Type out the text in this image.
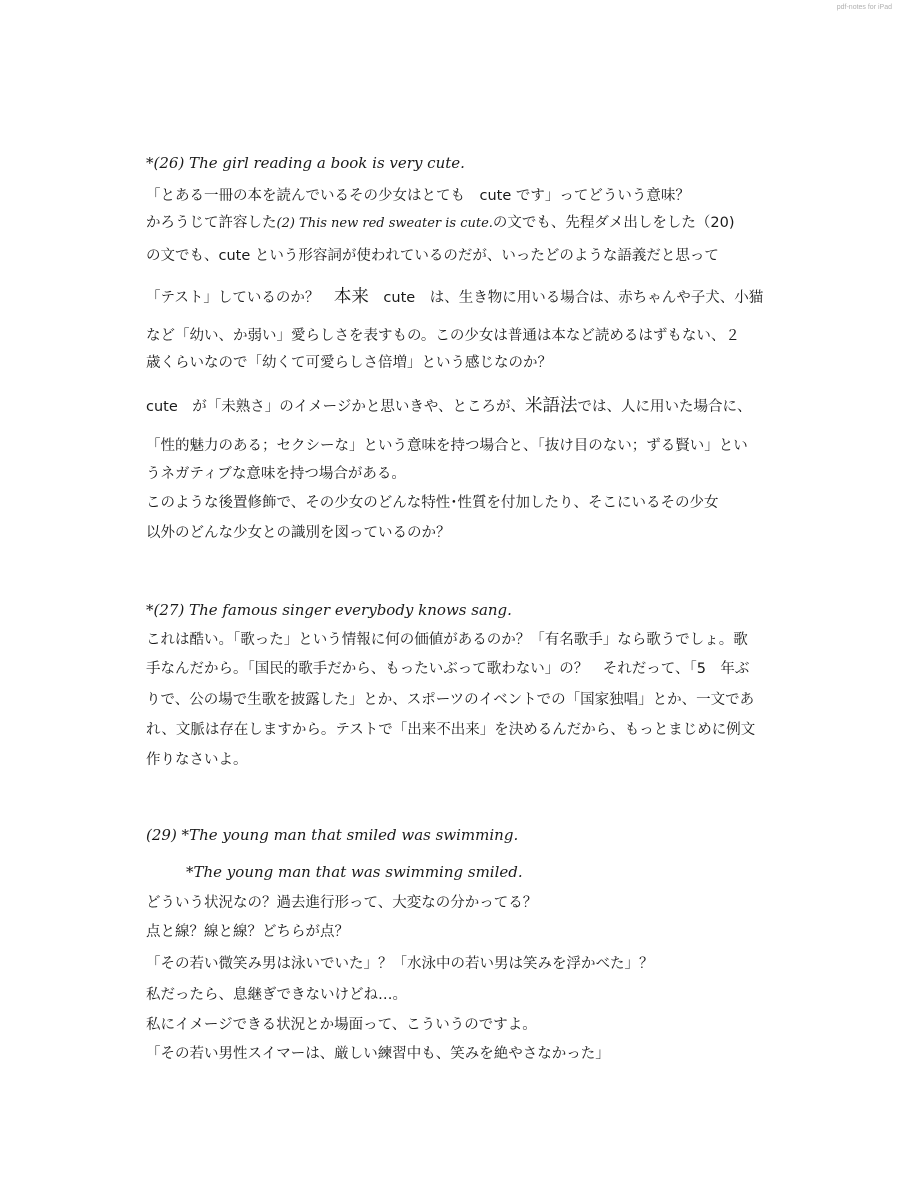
pdf-notes for iPad
*(26) The girl reading a book is very cute.
「とある一冊の本を読んでいるその少女はとても　cute です」ってどういう意味？
かろうじて許容した(2) This new red sweater is cute.の文でも、先程ダメ出しをした（20)
の文でも、cute という形容詞が使われているのだが、いったどのような語義だと思って
「テスト」しているのか？　本来　cute　は、生き物に用いる場合は、赤ちゃんや子犬、小猫
など「幼い、か弱い」愛らしさを表すもの。この少女は普通は本など読めるはずもない、２
歳くらいなので「幼くて可愛らしさ倍増」という感じなのか？
cute　が「未熟さ」のイメージかと思いきや、ところが、米語法では、人に用いた場合に、
「性的魅力のある；セクシーな」という意味を持つ場合と、「抜け目のない；ずる賢い」とい
うネガティブな意味を持つ場合がある。
このような後置修飾で、その少女のどんな特性･性質を付加したり、そこにいるその少女
以外のどんな少女との識別を図っているのか？
*(27) The famous singer everybody knows sang.
これは酷い。「歌った」という情報に何の価値があるのか？「有名歌手」なら歌うでしょ。歌
手なんだから。「国民的歌手だから、もったいぶって歌わない」の？　それだって、「5　年ぶ
りで、公の場で生歌を披露した」とか、スポーツのイベントでの「国家独唱」とか、一文であ
れ、文脈は存在しますから。テストで「出来不出来」を決めるんだから、もっとまじめに例文
作りなさいよ。
(29) *The young man that smiled was swimming.
*The young man that was swimming smiled.
どういう状況なの？過去進行形って、大変なの分かってる？
点と線？線と線？どちらが点？
「その若い微笑み男は泳いでいた」？「水泳中の若い男は笑みを浮かべた」？
私だったら、息継ぎできないけどね…。
私にイメージできる状況とか場面って、こういうのですよ。
「その若い男性スイマーは、厳しい練習中も、笑みを絶やさなかった」
